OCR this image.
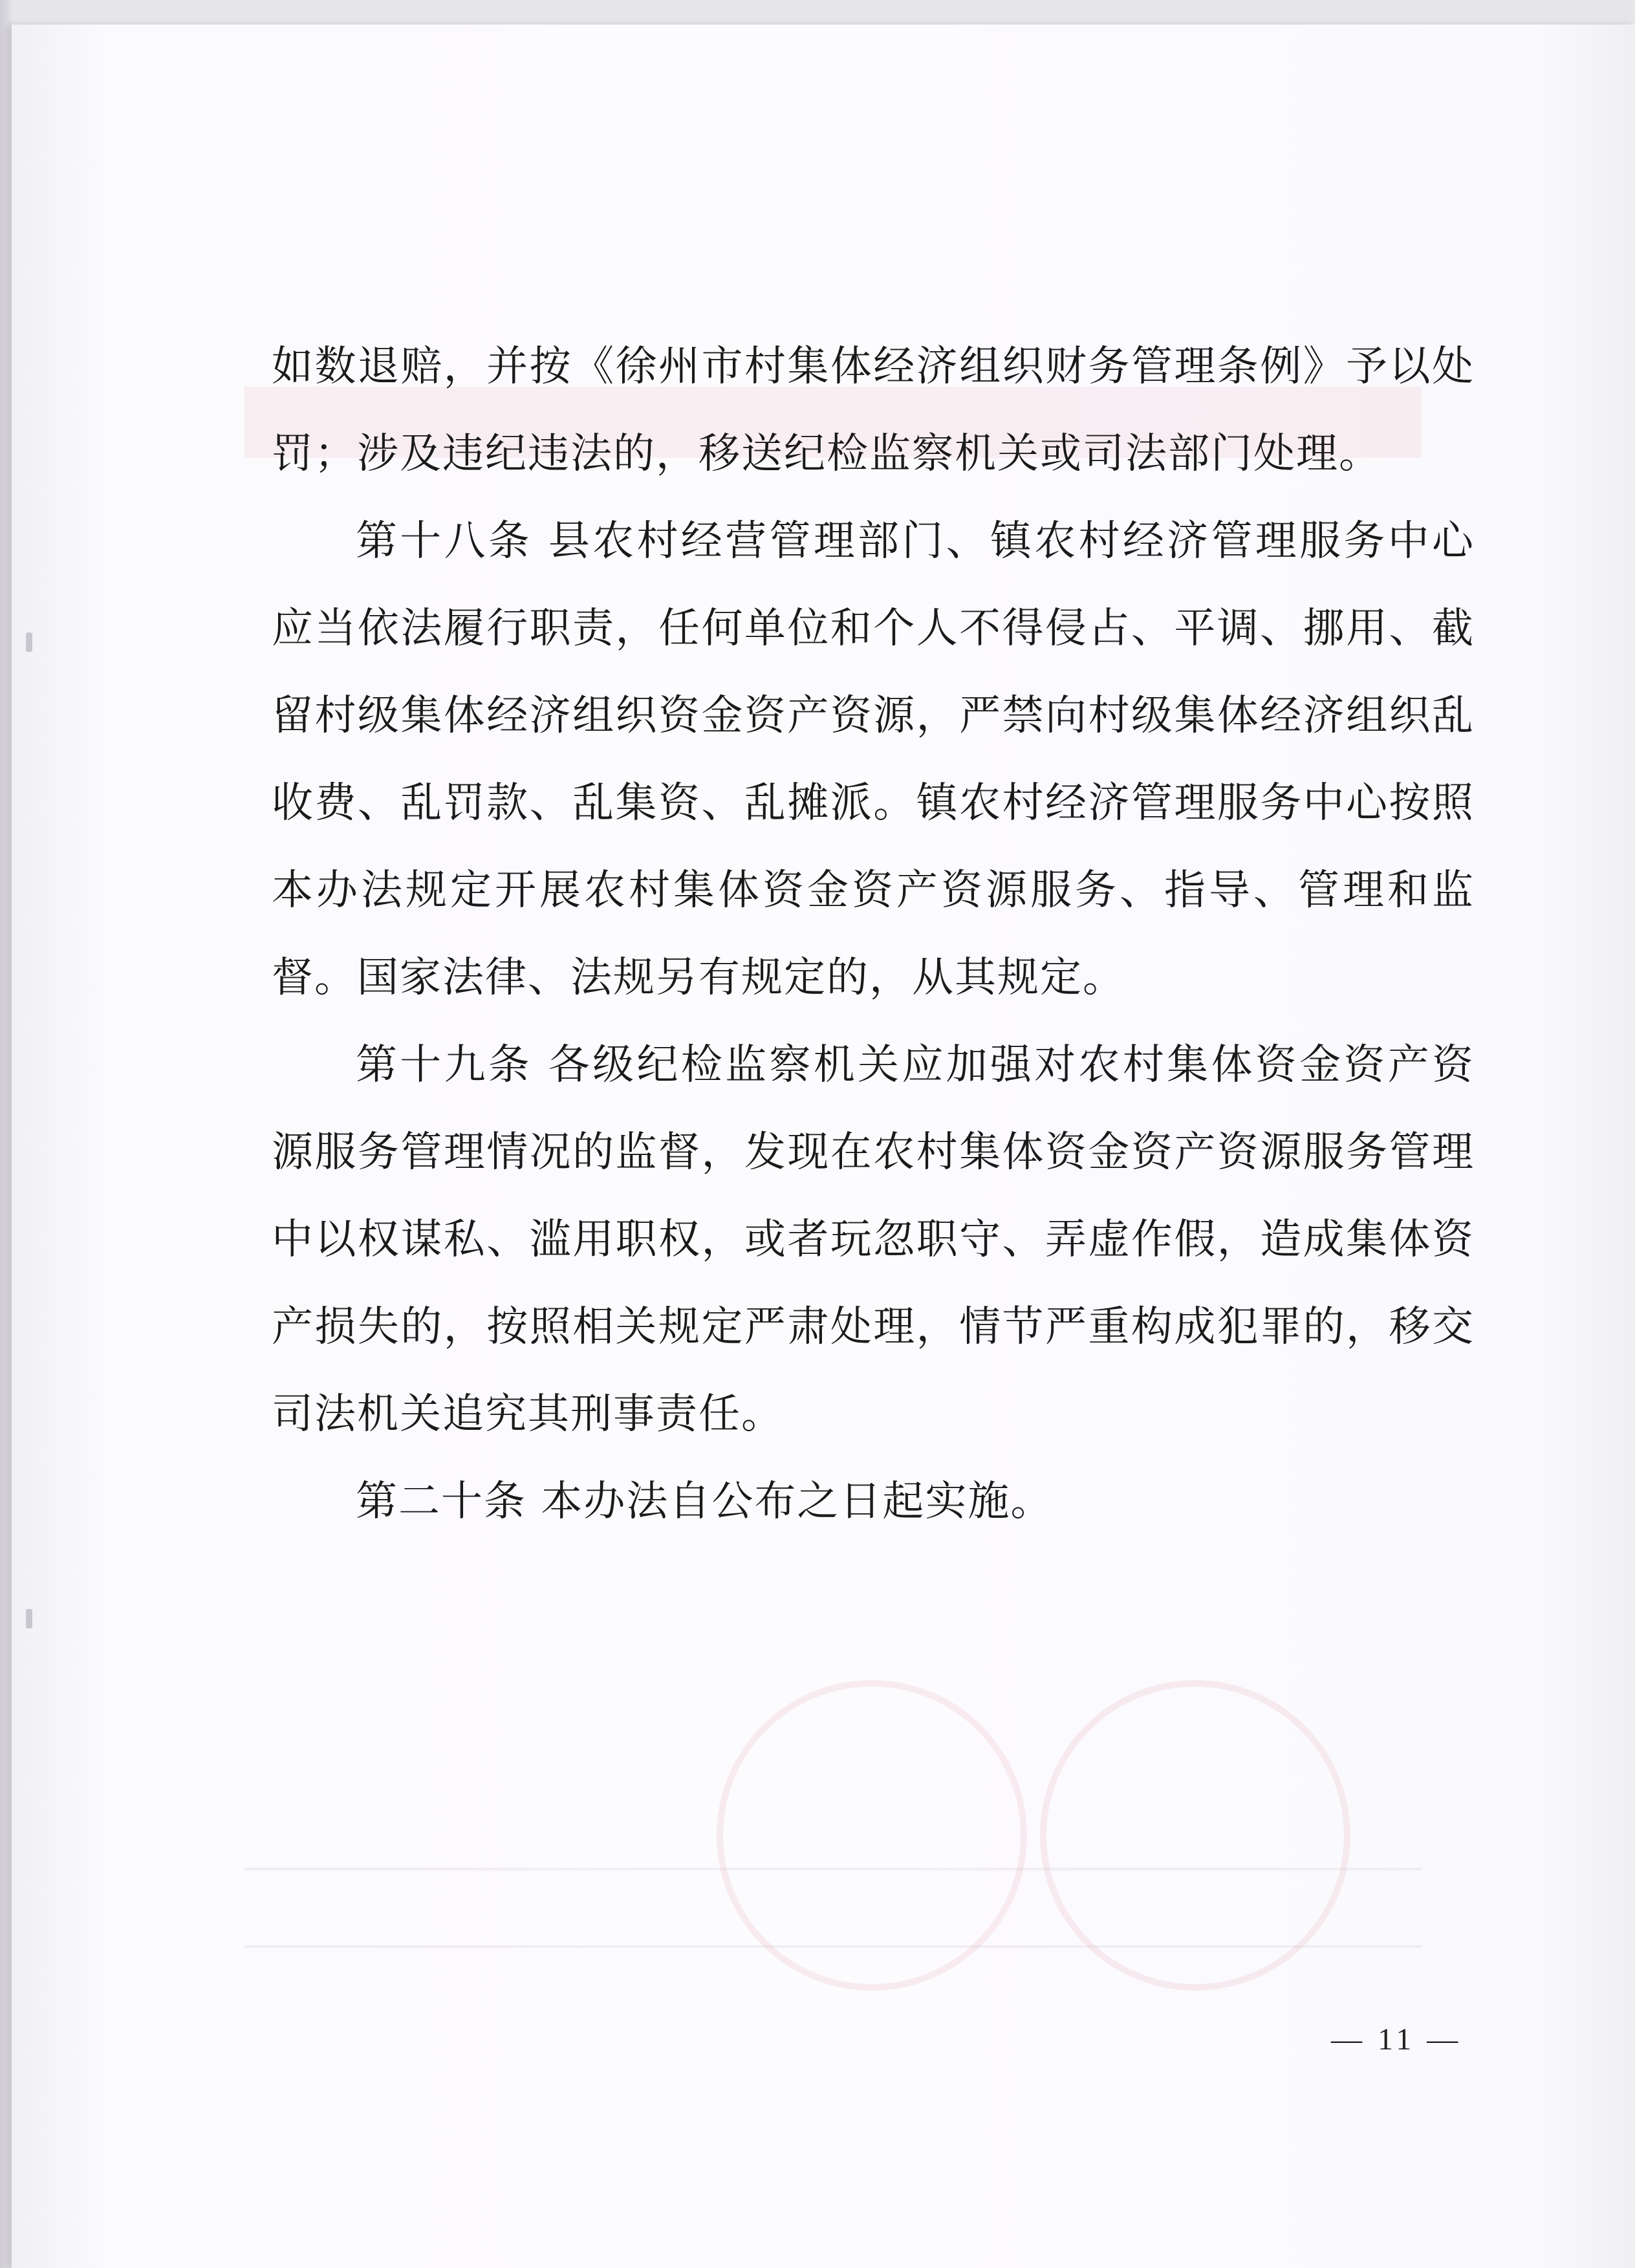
如数退赔，并按《徐州市村集体经济组织财务管理条例》予以处罚；涉及违纪违法的，移送纪检监察机关或司法部门处理。

第十八条 县农村经营管理部门、镇农村经济管理服务中心应当依法履行职责，任何单位和个人不得侵占、平调、挪用、截留村级集体经济组织资金资产资源，严禁向村级集体经济组织乱收费、乱罚款、乱集资、乱摊派。镇农村经济管理服务中心按照本办法规定开展农村集体资金资产资源服务、指导、管理和监督。国家法律、法规另有规定的，从其规定。

第十九条 各级纪检监察机关应加强对农村集体资金资产资源服务管理情况的监督，发现在农村集体资金资产资源服务管理中以权谋私、滥用职权，或者玩忽职守、弄虚作假，造成集体资产损失的，按照相关规定严肃处理，情节严重构成犯罪的，移交司法机关追究其刑事责任。

第二十条 本办法自公布之日起实施。

— 11 —
